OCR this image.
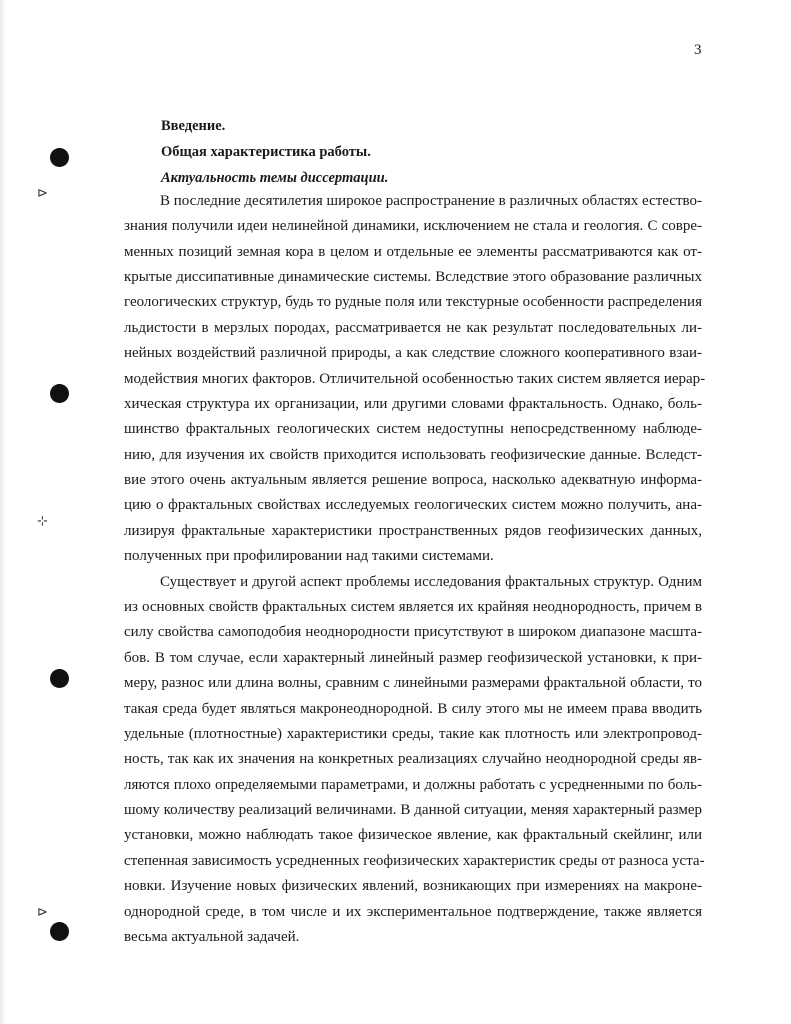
3
⊳
⊹
⊳
Введение.
Общая характеристика работы.
Актуальность темы диссертации.
В последние десятилетия широкое распространение в различных областях естество-
знания получили идеи нелинейной динамики, исключением не стала и геология. С совре-
менных позиций земная кора в целом и отдельные ее элементы рассматриваются как от-
крытые диссипативные динамические системы. Вследствие этого образование различных
геологических структур, будь то рудные поля или текстурные особенности распределения
льдистости в мерзлых породах, рассматривается не как результат последовательных ли-
нейных воздействий различной природы, а как следствие сложного кооперативного взаи-
модействия многих факторов. Отличительной особенностью таких систем является иерар-
хическая структура их организации, или другими словами фрактальность. Однако, боль-
шинство фрактальных геологических систем недоступны непосредственному наблюде-
нию, для изучения их свойств приходится использовать геофизические данные. Вследст-
вие этого очень актуальным является решение вопроса, насколько адекватную информа-
цию о фрактальных свойствах исследуемых геологических систем можно получить, ана-
лизируя фрактальные характеристики пространственных рядов геофизических данных,
полученных при профилировании над такими системами.
Существует и другой аспект проблемы исследования фрактальных структур. Одним
из основных свойств фрактальных систем является их крайняя неоднородность, причем в
силу свойства самоподобия неоднородности присутствуют в широком диапазоне масшта-
бов. В том случае, если характерный линейный размер геофизической установки, к при-
меру, разнос или длина волны, сравним с линейными размерами фрактальной области, то
такая среда будет являться макронеоднородной. В силу этого мы не имеем права вводить
удельные (плотностные) характеристики среды, такие как плотность или электропровод-
ность, так как их значения на конкретных реализациях случайно неоднородной среды яв-
ляются плохо определяемыми параметрами, и должны работать с усредненными по боль-
шому количеству реализаций величинами. В данной ситуации, меняя характерный размер
установки, можно наблюдать такое физическое явление, как фрактальный скейлинг, или
степенная зависимость усредненных геофизических характеристик среды от разноса уста-
новки. Изучение новых физических явлений, возникающих при измерениях на макроне-
однородной среде, в том числе и их экспериментальное подтверждение, также является
весьма актуальной задачей.
